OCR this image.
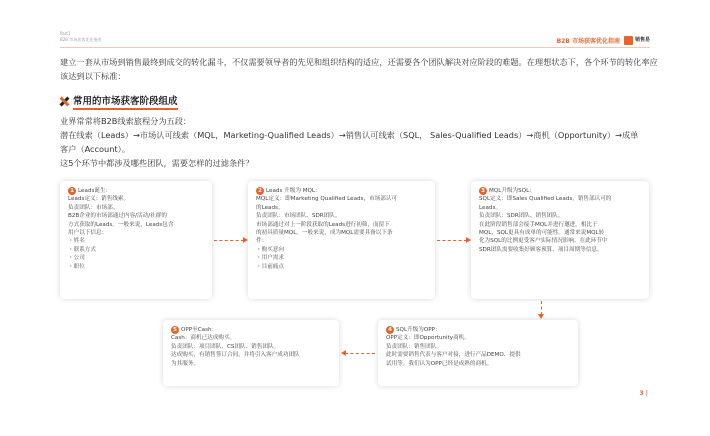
Part1
B2B 市场获客优化指南	B2B 市场获客优化指南	销售易
建立一套从市场到销售最终到成交的转化漏斗，不仅需要领导者的先见和组织结构的适应，还需要各个团队解决对应阶段的难题。在理想状态下，各个环节的转化率应该达到以下标准：
常用的市场获客阶段组成
业界常常将B2B线索旅程分为五段：
潜在线索（Leads）→市场认可线索（MQL，Marketing-Qualified Leads）→销售认可线索（SQL， Sales-Qualified Leads）→商机（Opportunity）→成单
客户（Account）。
这5个环节中都涉及哪些团队，需要怎样的过滤条件？
1 Leads诞生：
Leads定义：销售线索。
负责团队：市场部。
B2B企业的市场部通过内容/活动/社群的
方式获取的Leads。一般来说，Leads包含
用户以下信息：
・姓名
・联系方式
・公司
・职位
2 Leads 升级为 MQL：
MQL定义：即Marketing Qualified Leads，市场部认可
的Leads。
负责团队：市场团队、SDR团队。
市场部通过对上一阶段获取的Leads进行初筛，而留下
的初具质量MQL。一般来说，成为MQL需要具备以下条
件：
・购买意向
・用户需求
・目前痛点
3 MQL升级为SQL：
SQL定义：即Sales Qualified Leads，销售部认可的
Leads。
负责团队：SDR团队、销售团队。
在此阶段销售部会接手MQL并进行邀进。相比于
MQL，SQL更具有成单的可能性。通常来说MQL转
化为SQL的比例更受客户实际情况影响。在此环节中
SDR团队需要收集好顾客预算、项目周期等信息。
4 SQL升级为OPP：
OPP定义：即Opportunity商机。
负责团队：销售团队。
此时需要销售代表与客户对接，进行产品DEMO、提供
试用等。我们认为OPP已经是成熟的商机。
5 OPP至Cash：
Cash：商机已达成购买。
负责团队：项目团队、CS团队、销售团队。
达成购买，有销售签订合同，并将引入客户成功团队
为其服务。
3 |
